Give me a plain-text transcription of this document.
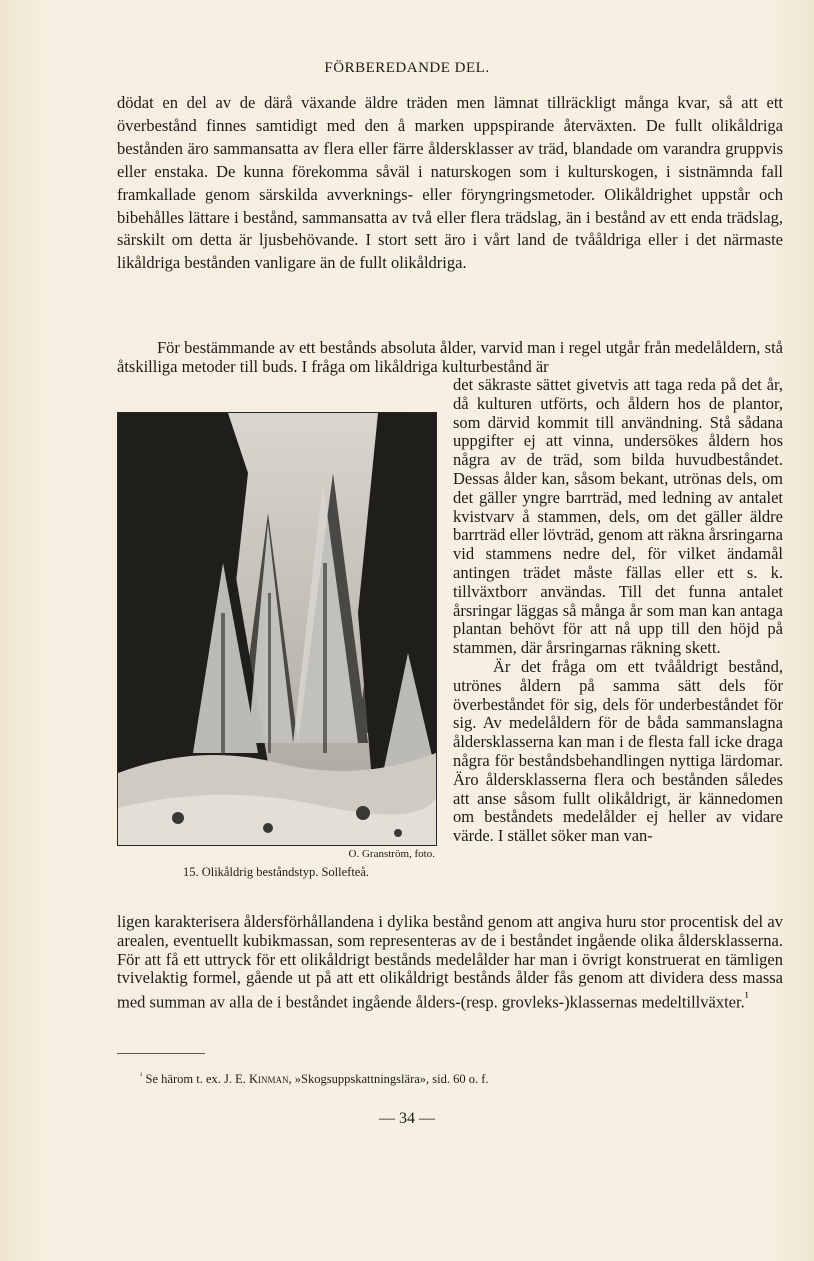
FÖRBEREDANDE DEL.
dödat en del av de därå växande äldre träden men lämnat tillräckligt många kvar, så att ett överbestånd finnes samtidigt med den å marken uppspirande återväxten. De fullt olikåldriga bestånden äro sammansatta av flera eller färre åldersklasser av träd, blandade om varandra gruppvis eller enstaka. De kunna förekomma såväl i naturskogen som i kulturskogen, i sistnämnda fall framkallade genom särskilda avverknings- eller föryngringsmetoder. Olikåldrighet uppstår och bibehålles lättare i bestånd, sammansatta av två eller flera trädslag, än i bestånd av ett enda trädslag, särskilt om detta är ljusbehövande. I stort sett äro i vårt land de tvååldriga eller i det närmaste likåldriga bestånden vanligare än de fullt olikåldriga.
För bestämmande av ett bestånds absoluta ålder, varvid man i regel utgår från medelåldern, stå åtskilliga metoder till buds. I fråga om likåldriga kulturbestånd är
O. Granström, foto.
15. Olikåldrig beståndstyp. Sollefteå.

det säkraste sättet givetvis att taga reda på det år, då kulturen utförts, och åldern hos de plantor, som därvid kommit till användning. Stå sådana uppgifter ej att vinna, undersökes åldern hos några av de träd, som bilda huvudbeståndet. Dessas ålder kan, såsom bekant, utrönas dels, om det gäller yngre barrträd, med ledning av antalet kvistvarv å stammen, dels, om det gäller äldre barrträd eller lövträd, genom att räkna årsringarna vid stammens nedre del, för vilket ändamål antingen trädet måste fällas eller ett s. k. tillväxtborr användas. Till det funna antalet årsringar läggas så många år som man kan antaga plantan behövt för att nå upp till den höjd på stammen, där årsringarnas räkning skett.

Är det fråga om ett tvååldrigt bestånd, utrönes åldern på samma sätt dels för överbeståndet för sig, dels för underbeståndet för sig. Av medelåldern för de båda sammanslagna åldersklasserna kan man i de flesta fall icke draga några för beståndsbehandlingen nyttiga lärdomar. Äro åldersklasserna flera och bestånden således att anse såsom fullt olikåldrigt, är kännedomen om beståndets medelålder ej heller av vidare värde. I stället söker man van-

ligen karakterisera åldersförhållandena i dylika bestånd genom att angiva huru stor procentisk del av arealen, eventuellt kubikmassan, som representeras av de i beståndet ingående olika åldersklasserna. För att få ett uttryck för ett olikåldrigt bestånds medelålder har man i övrigt konstruerat en tämligen tvivelaktig formel, gående ut på att ett olikåldrigt bestånds ålder fås genom att dividera dess massa med summan av alla de i beståndet ingående ålders-(resp. grovleks-)klassernas medeltillväxter.$^{^1}$
$^{^1}$ Se härom t. ex. J. E. Kinman, »Skogsuppskattningslära», sid. 60 o. f.
— 34 —
